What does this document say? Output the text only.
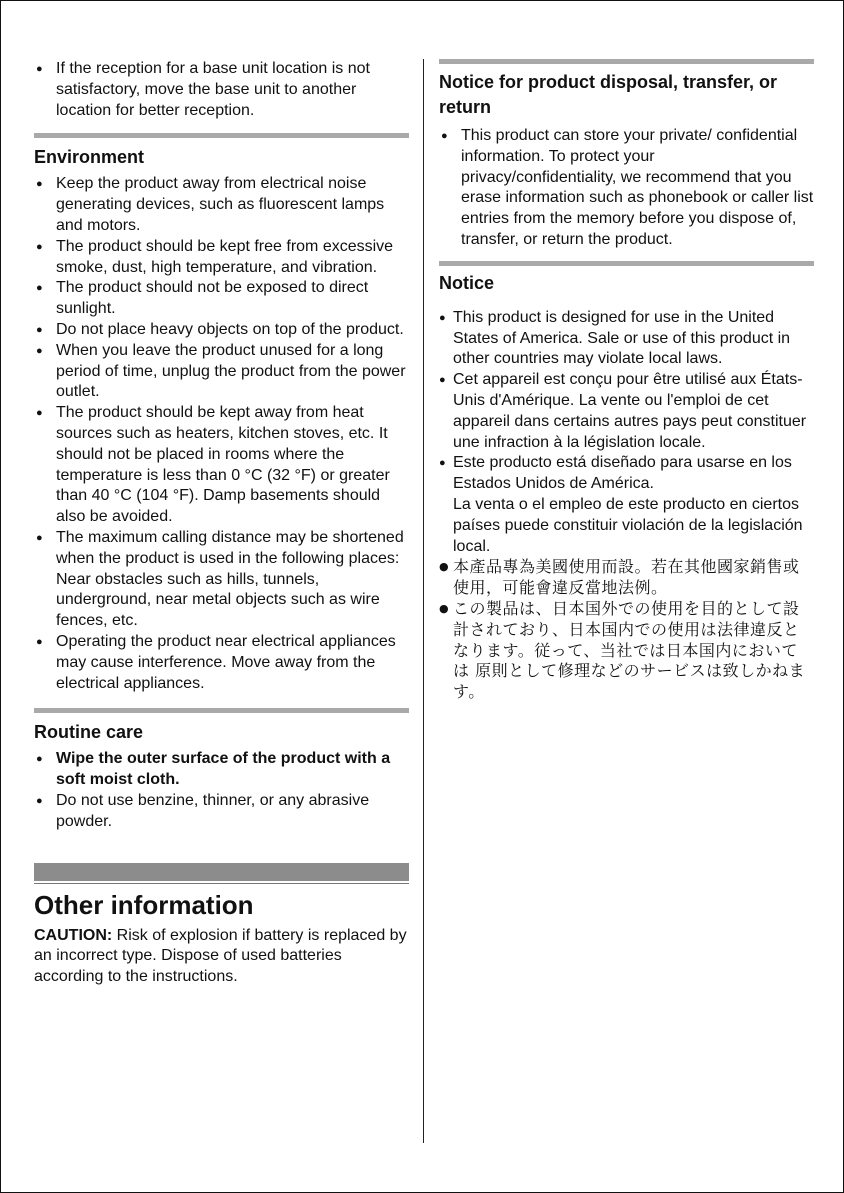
● If the reception for a base unit location is not satisfactory, move the base unit to another location for better reception.
Environment
● Keep the product away from electrical noise generating devices, such as fluorescent lamps and motors.
● The product should be kept free from excessive smoke, dust, high temperature, and vibration.
● The product should not be exposed to direct sunlight.
● Do not place heavy objects on top of the product.
● When you leave the product unused for a long period of time, unplug the product from the power outlet.
● The product should be kept away from heat sources such as heaters, kitchen stoves, etc. It should not be placed in rooms where the temperature is less than 0 °C (32 °F) or greater than 40 °C (104 °F). Damp basements should also be avoided.
● The maximum calling distance may be shortened when the product is used in the following places: Near obstacles such as hills, tunnels, underground, near metal objects such as wire fences, etc.
● Operating the product near electrical appliances may cause interference. Move away from the electrical appliances.
Routine care
● Wipe the outer surface of the product with a soft moist cloth.
● Do not use benzine, thinner, or any abrasive powder.
Other information

CAUTION: Risk of explosion if battery is replaced by an incorrect type. Dispose of used batteries according to the instructions.

Notice for product disposal, transfer, or return
● This product can store your private/ confidential information. To protect your privacy/confidentiality, we recommend that you erase information such as phonebook or caller list entries from the memory before you dispose of, transfer, or return the product.
Notice
● This product is designed for use in the United States of America. Sale or use of this product in other countries may violate local laws.
● Cet appareil est conçu pour être utilisé aux États-Unis d'Amérique. La vente ou l'emploi de cet appareil dans certains autres pays peut constituer une infraction à la législation locale.
● Este producto está diseñado para usarse en los Estados Unidos de América.
La venta o el empleo de este producto en ciertos países puede constituir violación de la legislación local.
● 本產品專為美國使用而設。若在其他國家銷售或使用，可能會違反當地法例。
● この製品は、日本国外での使用を目的として設計されており、日本国内での使用は法律違反となります。従って、当社では日本国内においては 原則として修理などのサービスは致しかねます。
